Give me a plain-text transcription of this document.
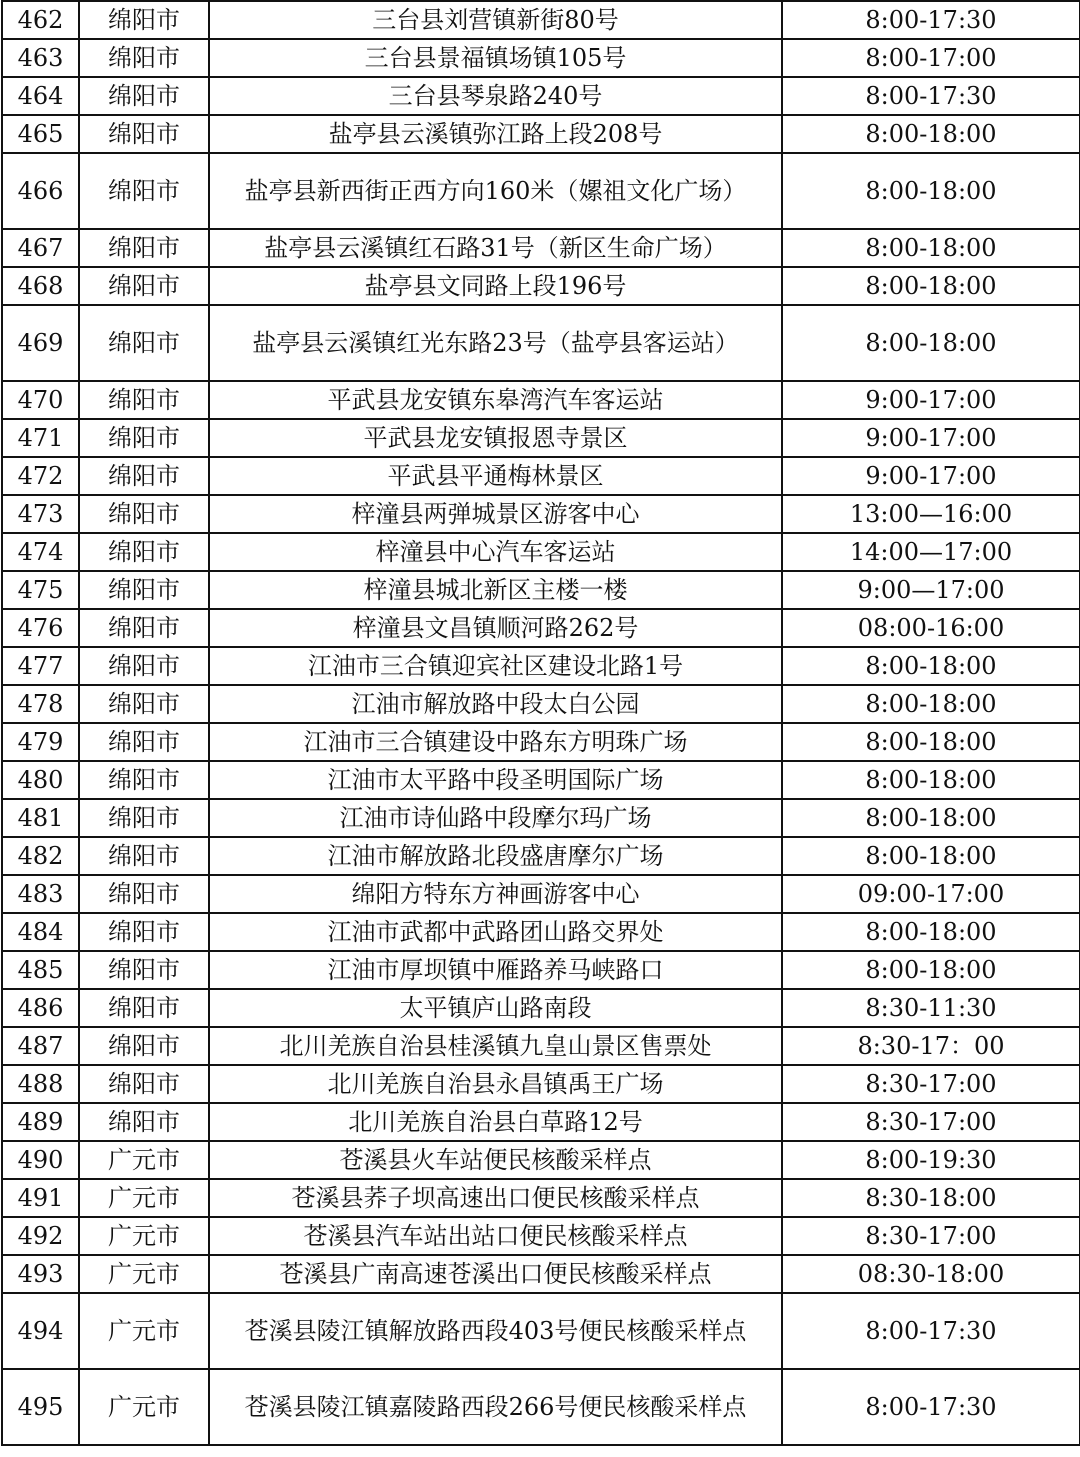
462	绵阳市	三台县刘营镇新街80号	8:00-17:30
463	绵阳市	三台县景福镇场镇105号	8:00-17:00
464	绵阳市	三台县琴泉路240号	8:00-17:30
465	绵阳市	盐亭县云溪镇弥江路上段208号	8:00-18:00
466	绵阳市	盐亭县新西街正西方向160米（嫘祖文化广场）	8:00-18:00
467	绵阳市	盐亭县云溪镇红石路31号（新区生命广场）	8:00-18:00
468	绵阳市	盐亭县文同路上段196号	8:00-18:00
469	绵阳市	盐亭县云溪镇红光东路23号（盐亭县客运站）	8:00-18:00
470	绵阳市	平武县龙安镇东皋湾汽车客运站	9:00-17:00
471	绵阳市	平武县龙安镇报恩寺景区	9:00-17:00
472	绵阳市	平武县平通梅林景区	9:00-17:00
473	绵阳市	梓潼县两弹城景区游客中心	13:00—16:00
474	绵阳市	梓潼县中心汽车客运站	14:00—17:00
475	绵阳市	梓潼县城北新区主楼一楼	9:00—17:00
476	绵阳市	梓潼县文昌镇顺河路262号	08:00-16:00
477	绵阳市	江油市三合镇迎宾社区建设北路1号	8:00-18:00
478	绵阳市	江油市解放路中段太白公园	8:00-18:00
479	绵阳市	江油市三合镇建设中路东方明珠广场	8:00-18:00
480	绵阳市	江油市太平路中段圣明国际广场	8:00-18:00
481	绵阳市	江油市诗仙路中段摩尔玛广场	8:00-18:00
482	绵阳市	江油市解放路北段盛唐摩尔广场	8:00-18:00
483	绵阳市	绵阳方特东方神画游客中心	09:00-17:00
484	绵阳市	江油市武都中武路团山路交界处	8:00-18:00
485	绵阳市	江油市厚坝镇中雁路养马峡路口	8:00-18:00
486	绵阳市	太平镇庐山路南段	8:30-11:30
487	绵阳市	北川羌族自治县桂溪镇九皇山景区售票处	8:30-17：00
488	绵阳市	北川羌族自治县永昌镇禹王广场	8:30-17:00
489	绵阳市	北川羌族自治县白草路12号	8:30-17:00
490	广元市	苍溪县火车站便民核酸采样点	8:00-19:30
491	广元市	苍溪县荞子坝高速出口便民核酸采样点	8:30-18:00
492	广元市	苍溪县汽车站出站口便民核酸采样点	8:30-17:00
493	广元市	苍溪县广南高速苍溪出口便民核酸采样点	08:30-18:00
494	广元市	苍溪县陵江镇解放路西段403号便民核酸采样点	8:00-17:30
495	广元市	苍溪县陵江镇嘉陵路西段266号便民核酸采样点	8:00-17:30
